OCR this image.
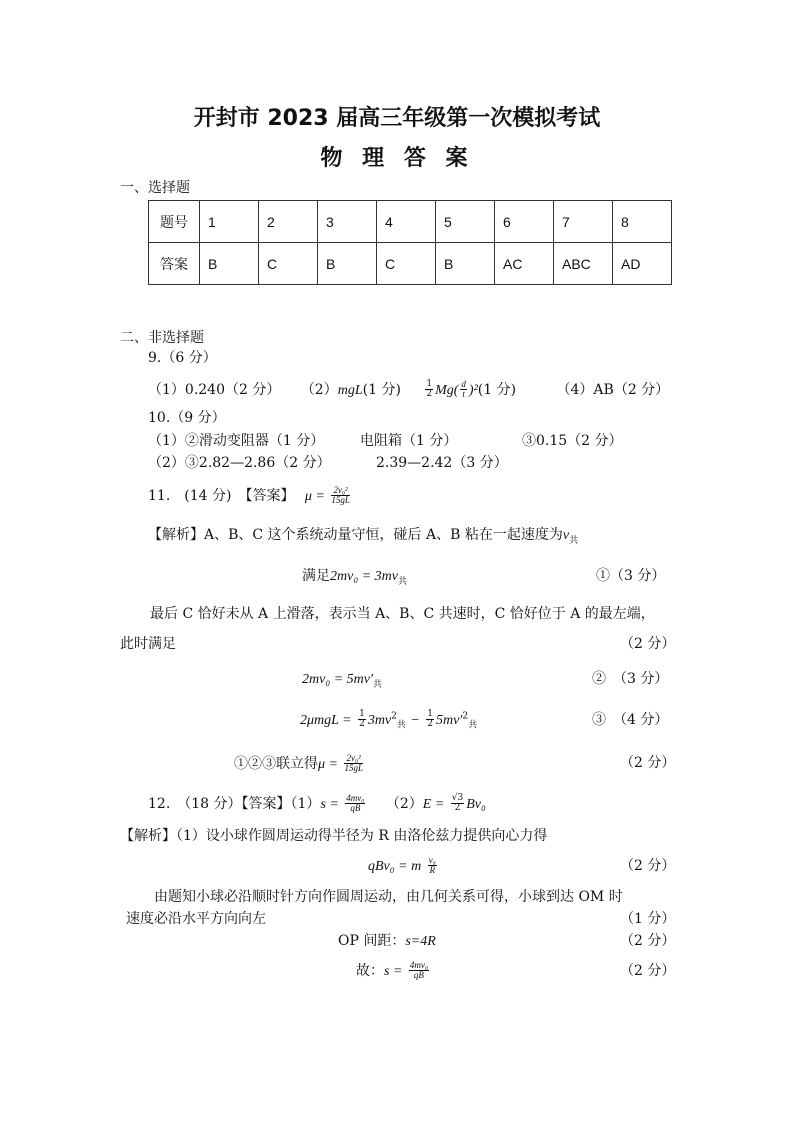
开封市 2023 届高三年级第一次模拟考试
物 理 答 案
一、选择题
题号	1	2	3	4	5	6	7	8
答案	B	C	B	C	B	AC	ABC	AD
二、非选择题
9.（6 分）
（1）0.240（2 分） （2）mgL(1 分)	$\frac{1}{2} Mg( \frac{d}{t} )^2(1$ 分)	（4）AB（2 分）
10.（9 分）
（1）②滑动变阻器（1 分）	电阻箱（1 分）	③0.15（2 分）
（2）③2.82—2.86（2 分）	2.39—2.42（3 分）
11.　(14 分)　【答案】 $\mu = \frac{\text{2v₀²}}{15gL}$
【解析】A、B、C 这个系统动量守恒，碰后 A、B 粘在一起速度为$v_共$
满足$2mv_0 = 3mv_共$	①（3 分）
最后 C 恰好未从 A 上滑落，表示当 A、B、C 共速时，C 恰好位于 A 的最左端，
此时满足	（2 分）
$2mv_0 = 5mv'_共$	②　（3 分）
$2\mu mgL = \frac{1}{2} 3mv^2_共 - \frac{1}{2} 5mv'^2_共$	③　（4 分）
①②③联立得$\mu = \frac{\text{2v₀²}}{15gL}$	（2 分）
12.　（18 分）【答案】$(1)s = \frac{\text{4mv₀}}{qB} (2)E = \frac{√3}{2} Bv_0$
【解析】（1）设小球作圆周运动得半径为 R 由洛伦兹力提供向心力得
qBv₀ = m $\frac{\text{v₀}}{R}$	（2 分）
由题知小球必沿顺时针方向作圆周运动，由几何关系可得，小球到达 OM 时
速度必沿水平方向向左	（1 分）
OP 间距：s=4R	（2 分）
故：$s = \frac{\text{4mv₀}}{qB}$	（2 分）
